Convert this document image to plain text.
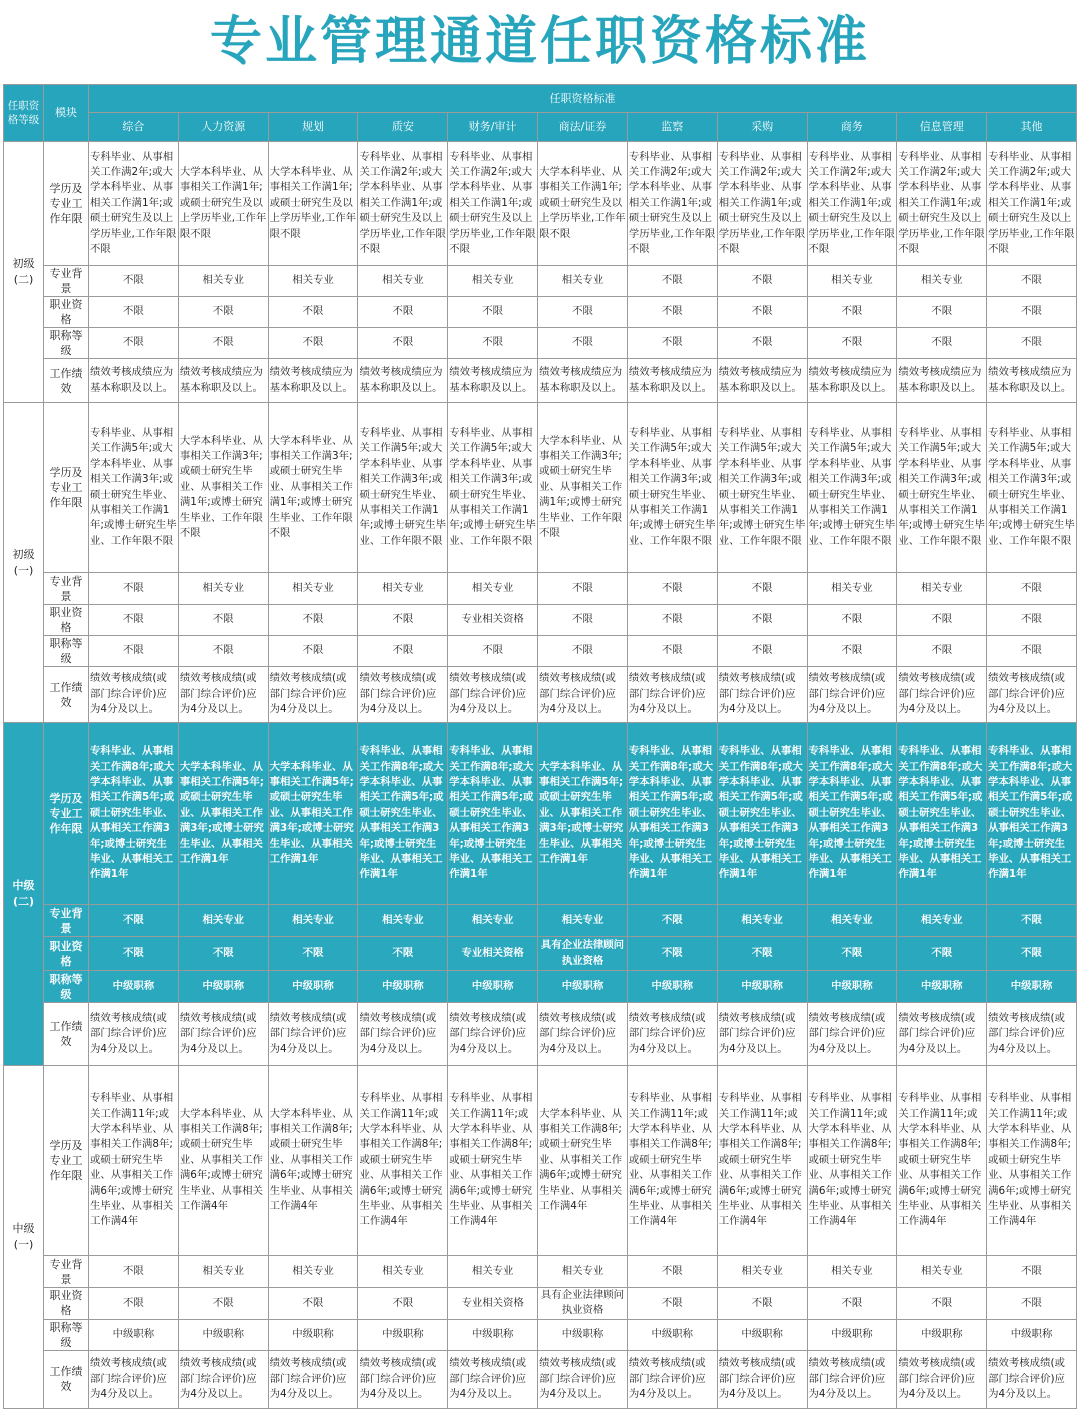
专业管理通道任职资格标准
任职资格等级	模块	任职资格标准										
		综合	人力资源	规划	质安	财务/审计	商法/证券	监察	采购	商务	信息管理	其他
初级
(二)	学历及
专业工
作年限	专科毕业、从事相关工作满2年;或大学本科毕业、从事相关工作满1年;或硕士研究生及以上学历毕业,工作年限不限	大学本科毕业、从事相关工作满1年;或硕士研究生及以上学历毕业,工作年限不限	大学本科毕业、从事相关工作满1年;或硕士研究生及以上学历毕业,工作年限不限	专科毕业、从事相关工作满2年;或大学本科毕业、从事相关工作满1年;或硕士研究生及以上学历毕业,工作年限不限	专科毕业、从事相关工作满2年;或大学本科毕业、从事相关工作满1年;或硕士研究生及以上学历毕业,工作年限不限	大学本科毕业、从事相关工作满1年;或硕士研究生及以上学历毕业,工作年限不限	专科毕业、从事相关工作满2年;或大学本科毕业、从事相关工作满1年;或硕士研究生及以上学历毕业,工作年限不限	专科毕业、从事相关工作满2年;或大学本科毕业、从事相关工作满1年;或硕士研究生及以上学历毕业,工作年限不限	专科毕业、从事相关工作满2年;或大学本科毕业、从事相关工作满1年;或硕士研究生及以上学历毕业,工作年限不限	专科毕业、从事相关工作满2年;或大学本科毕业、从事相关工作满1年;或硕士研究生及以上学历毕业,工作年限不限	专科毕业、从事相关工作满2年;或大学本科毕业、从事相关工作满1年;或硕士研究生及以上学历毕业,工作年限不限
	专业背
景	不限	相关专业	相关专业	相关专业	相关专业	相关专业	不限	不限	相关专业	相关专业	不限
	职业资
格	不限	不限	不限	不限	不限	不限	不限	不限	不限	不限	不限
	职称等
级	不限	不限	不限	不限	不限	不限	不限	不限	不限	不限	不限
	工作绩
效	绩效考核成绩应为基本称职及以上。	绩效考核成绩应为基本称职及以上。	绩效考核成绩应为基本称职及以上。	绩效考核成绩应为基本称职及以上。	绩效考核成绩应为基本称职及以上。	绩效考核成绩应为基本称职及以上。	绩效考核成绩应为基本称职及以上。	绩效考核成绩应为基本称职及以上。	绩效考核成绩应为基本称职及以上。	绩效考核成绩应为基本称职及以上。	绩效考核成绩应为基本称职及以上。
初级
(一)	学历及
专业工
作年限	专科毕业、从事相关工作满5年;或大学本科毕业、从事相关工作满3年;或硕士研究生毕业、从事相关工作满1年;或博士研究生毕业、工作年限不限	大学本科毕业、从事相关工作满3年;或硕士研究生毕业、从事相关工作满1年;或博士研究生毕业、工作年限不限	大学本科毕业、从事相关工作满3年;或硕士研究生毕业、从事相关工作满1年;或博士研究生毕业、工作年限不限	专科毕业、从事相关工作满5年;或大学本科毕业、从事相关工作满3年;或硕士研究生毕业、从事相关工作满1年;或博士研究生毕业、工作年限不限	专科毕业、从事相关工作满5年;或大学本科毕业、从事相关工作满3年;或硕士研究生毕业、从事相关工作满1年;或博士研究生毕业、工作年限不限	大学本科毕业、从事相关工作满3年;或硕士研究生毕业、从事相关工作满1年;或博士研究生毕业、工作年限不限	专科毕业、从事相关工作满5年;或大学本科毕业、从事相关工作满3年;或硕士研究生毕业、从事相关工作满1年;或博士研究生毕业、工作年限不限	专科毕业、从事相关工作满5年;或大学本科毕业、从事相关工作满3年;或硕士研究生毕业、从事相关工作满1年;或博士研究生毕业、工作年限不限	专科毕业、从事相关工作满5年;或大学本科毕业、从事相关工作满3年;或硕士研究生毕业、从事相关工作满1年;或博士研究生毕业、工作年限不限	专科毕业、从事相关工作满5年;或大学本科毕业、从事相关工作满3年;或硕士研究生毕业、从事相关工作满1年;或博士研究生毕业、工作年限不限	专科毕业、从事相关工作满5年;或大学本科毕业、从事相关工作满3年;或硕士研究生毕业、从事相关工作满1年;或博士研究生毕业、工作年限不限
	专业背
景	不限	相关专业	相关专业	相关专业	相关专业	不限	不限	不限	相关专业	相关专业	不限
	职业资
格	不限	不限	不限	不限	专业相关资格	不限	不限	不限	不限	不限	不限
	职称等
级	不限	不限	不限	不限	不限	不限	不限	不限	不限	不限	不限
	工作绩
效	绩效考核成绩(或部门综合评价)应为4分及以上。	绩效考核成绩(或部门综合评价)应为4分及以上。	绩效考核成绩(或部门综合评价)应为4分及以上。	绩效考核成绩(或部门综合评价)应为4分及以上。	绩效考核成绩(或部门综合评价)应为4分及以上。	绩效考核成绩(或部门综合评价)应为4分及以上。	绩效考核成绩(或部门综合评价)应为4分及以上。	绩效考核成绩(或部门综合评价)应为4分及以上。	绩效考核成绩(或部门综合评价)应为4分及以上。	绩效考核成绩(或部门综合评价)应为4分及以上。	绩效考核成绩(或部门综合评价)应为4分及以上。
中级
(二)	学历及
专业工
作年限	专科毕业、从事相关工作满8年;或大学本科毕业、从事相关工作满5年;或硕士研究生毕业、从事相关工作满3年;或博士研究生毕业、从事相关工作满1年	大学本科毕业、从事相关工作满5年;或硕士研究生毕业、从事相关工作满3年;或博士研究生毕业、从事相关工作满1年	大学本科毕业、从事相关工作满5年;或硕士研究生毕业、从事相关工作满3年;或博士研究生毕业、从事相关工作满1年	专科毕业、从事相关工作满8年;或大学本科毕业、从事相关工作满5年;或硕士研究生毕业、从事相关工作满3年;或博士研究生毕业、从事相关工作满1年	专科毕业、从事相关工作满8年;或大学本科毕业、从事相关工作满5年;或硕士研究生毕业、从事相关工作满3年;或博士研究生毕业、从事相关工作满1年	大学本科毕业、从事相关工作满5年;或硕士研究生毕业、从事相关工作满3年;或博士研究生毕业、从事相关工作满1年	专科毕业、从事相关工作满8年;或大学本科毕业、从事相关工作满5年;或硕士研究生毕业、从事相关工作满3年;或博士研究生毕业、从事相关工作满1年	专科毕业、从事相关工作满8年;或大学本科毕业、从事相关工作满5年;或硕士研究生毕业、从事相关工作满3年;或博士研究生毕业、从事相关工作满1年	专科毕业、从事相关工作满8年;或大学本科毕业、从事相关工作满5年;或硕士研究生毕业、从事相关工作满3年;或博士研究生毕业、从事相关工作满1年	专科毕业、从事相关工作满8年;或大学本科毕业、从事相关工作满5年;或硕士研究生毕业、从事相关工作满3年;或博士研究生毕业、从事相关工作满1年	专科毕业、从事相关工作满8年;或大学本科毕业、从事相关工作满5年;或硕士研究生毕业、从事相关工作满3年;或博士研究生毕业、从事相关工作满1年
	专业背
景	不限	相关专业	相关专业	相关专业	相关专业	相关专业	不限	相关专业	相关专业	相关专业	不限
	职业资
格	不限	不限	不限	不限	专业相关资格	具有企业法律顾问执业资格	不限	不限	不限	不限	不限
	职称等
级	中级职称	中级职称	中级职称	中级职称	中级职称	中级职称	中级职称	中级职称	中级职称	中级职称	中级职称
	工作绩
效	绩效考核成绩(或部门综合评价)应为4分及以上。	绩效考核成绩(或部门综合评价)应为4分及以上。	绩效考核成绩(或部门综合评价)应为4分及以上。	绩效考核成绩(或部门综合评价)应为4分及以上。	绩效考核成绩(或部门综合评价)应为4分及以上。	绩效考核成绩(或部门综合评价)应为4分及以上。	绩效考核成绩(或部门综合评价)应为4分及以上。	绩效考核成绩(或部门综合评价)应为4分及以上。	绩效考核成绩(或部门综合评价)应为4分及以上。	绩效考核成绩(或部门综合评价)应为4分及以上。	绩效考核成绩(或部门综合评价)应为4分及以上。
中级
(一)	学历及
专业工
作年限	专科毕业、从事相关工作满11年;或大学本科毕业、从事相关工作满8年;或硕士研究生毕业、从事相关工作满6年;或博士研究生毕业、从事相关工作满4年	大学本科毕业、从事相关工作满8年;或硕士研究生毕业、从事相关工作满6年;或博士研究生毕业、从事相关工作满4年	大学本科毕业、从事相关工作满8年;或硕士研究生毕业、从事相关工作满6年;或博士研究生毕业、从事相关工作满4年	专科毕业、从事相关工作满11年;或大学本科毕业、从事相关工作满8年;或硕士研究生毕业、从事相关工作满6年;或博士研究生毕业、从事相关工作满4年	专科毕业、从事相关工作满11年;或大学本科毕业、从事相关工作满8年;或硕士研究生毕业、从事相关工作满6年;或博士研究生毕业、从事相关工作满4年	大学本科毕业、从事相关工作满8年;或硕士研究生毕业、从事相关工作满6年;或博士研究生毕业、从事相关工作满4年	专科毕业、从事相关工作满11年;或大学本科毕业、从事相关工作满8年;或硕士研究生毕业、从事相关工作满6年;或博士研究生毕业、从事相关工作满4年	专科毕业、从事相关工作满11年;或大学本科毕业、从事相关工作满8年;或硕士研究生毕业、从事相关工作满6年;或博士研究生毕业、从事相关工作满4年	专科毕业、从事相关工作满11年;或大学本科毕业、从事相关工作满8年;或硕士研究生毕业、从事相关工作满6年;或博士研究生毕业、从事相关工作满4年	专科毕业、从事相关工作满11年;或大学本科毕业、从事相关工作满8年;或硕士研究生毕业、从事相关工作满6年;或博士研究生毕业、从事相关工作满4年	专科毕业、从事相关工作满11年;或大学本科毕业、从事相关工作满8年;或硕士研究生毕业、从事相关工作满6年;或博士研究生毕业、从事相关工作满4年
	专业背
景	不限	相关专业	相关专业	相关专业	相关专业	相关专业	不限	相关专业	相关专业	相关专业	不限
	职业资
格	不限	不限	不限	不限	专业相关资格	具有企业法律顾问执业资格	不限	不限	不限	不限	不限
	职称等
级	中级职称	中级职称	中级职称	中级职称	中级职称	中级职称	中级职称	中级职称	中级职称	中级职称	中级职称
	工作绩
效	绩效考核成绩(或部门综合评价)应为4分及以上。	绩效考核成绩(或部门综合评价)应为4分及以上。	绩效考核成绩(或部门综合评价)应为4分及以上。	绩效考核成绩(或部门综合评价)应为4分及以上。	绩效考核成绩(或部门综合评价)应为4分及以上。	绩效考核成绩(或部门综合评价)应为4分及以上。	绩效考核成绩(或部门综合评价)应为4分及以上。	绩效考核成绩(或部门综合评价)应为4分及以上。	绩效考核成绩(或部门综合评价)应为4分及以上。	绩效考核成绩(或部门综合评价)应为4分及以上。	绩效考核成绩(或部门综合评价)应为4分及以上。
